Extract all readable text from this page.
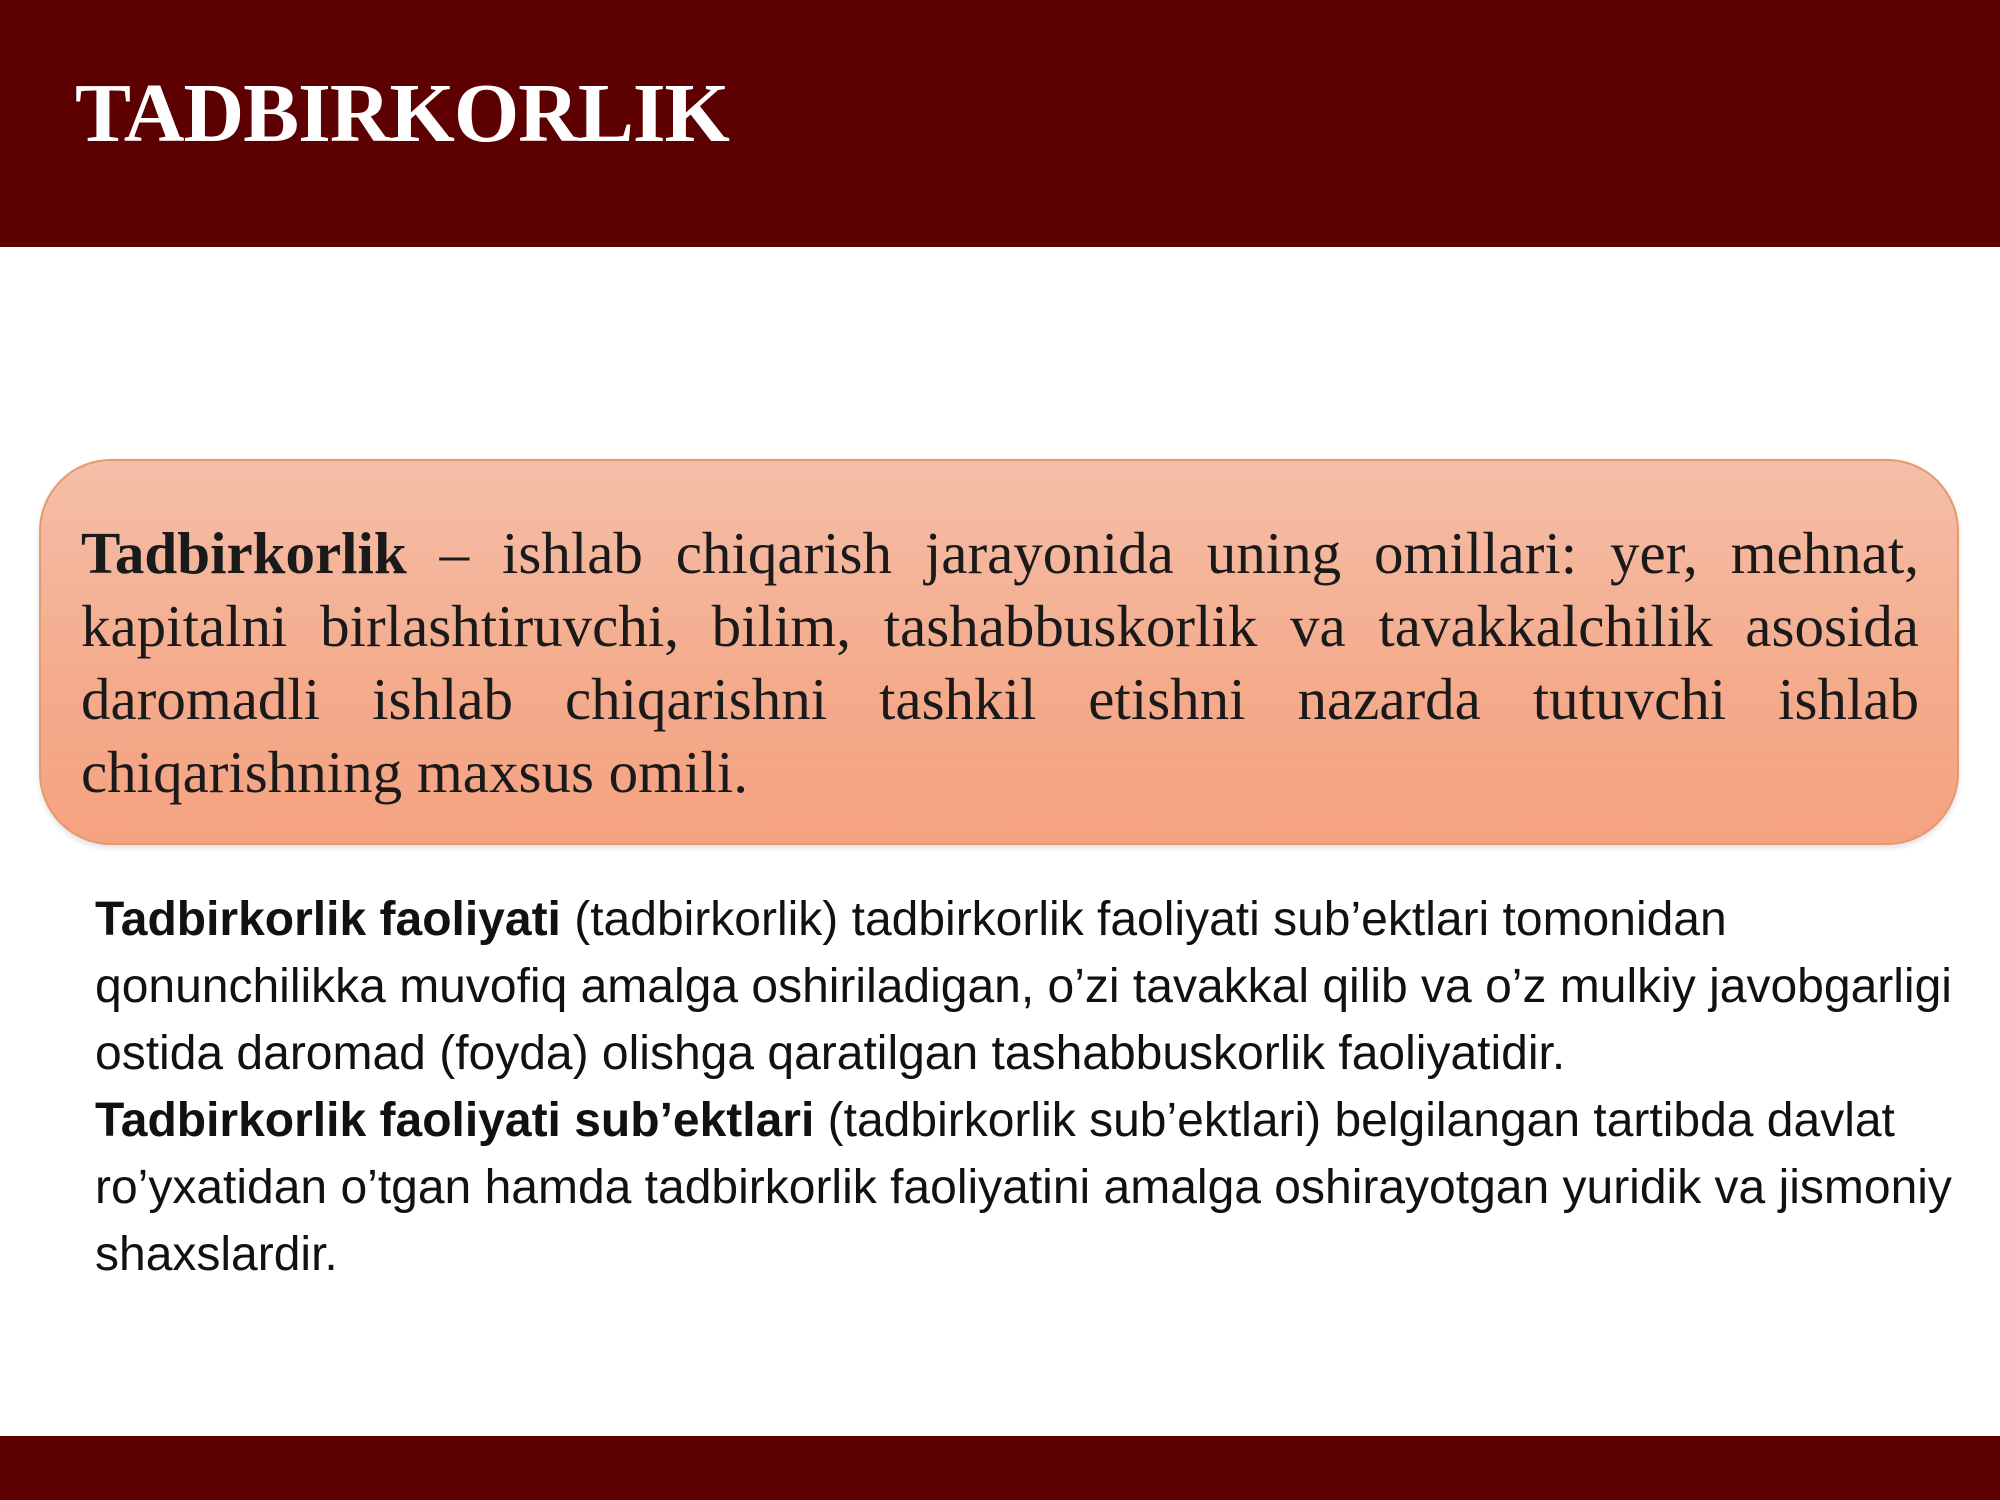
TADBIRKORLIK

Tadbirkorlik – ishlab chiqarish jarayonida uning omillari: yer, mehnat, kapitalni birlashtiruvchi, bilim, tashabbuskorlik va tavakkalchilik asosida daromadli ishlab chiqarishni tashkil etishni nazarda tutuvchi ishlab chiqarishning maxsus omili.

Tadbirkorlik faoliyati (tadbirkorlik) tadbirkorlik faoliyati sub’ektlari tomonidan qonunchilikka muvofiq amalga oshiriladigan, o’zi tavakkal qilib va o’z mulkiy javobgarligi ostida daromad (foyda) olishga qaratilgan tashabbuskorlik faoliyatidir.
Tadbirkorlik faoliyati sub’ektlari (tadbirkorlik sub’ektlari) belgilangan tartibda davlat ro’yxatidan o’tgan hamda tadbirkorlik faoliyatini amalga oshirayotgan yuridik va jismoniy shaxslardir.
